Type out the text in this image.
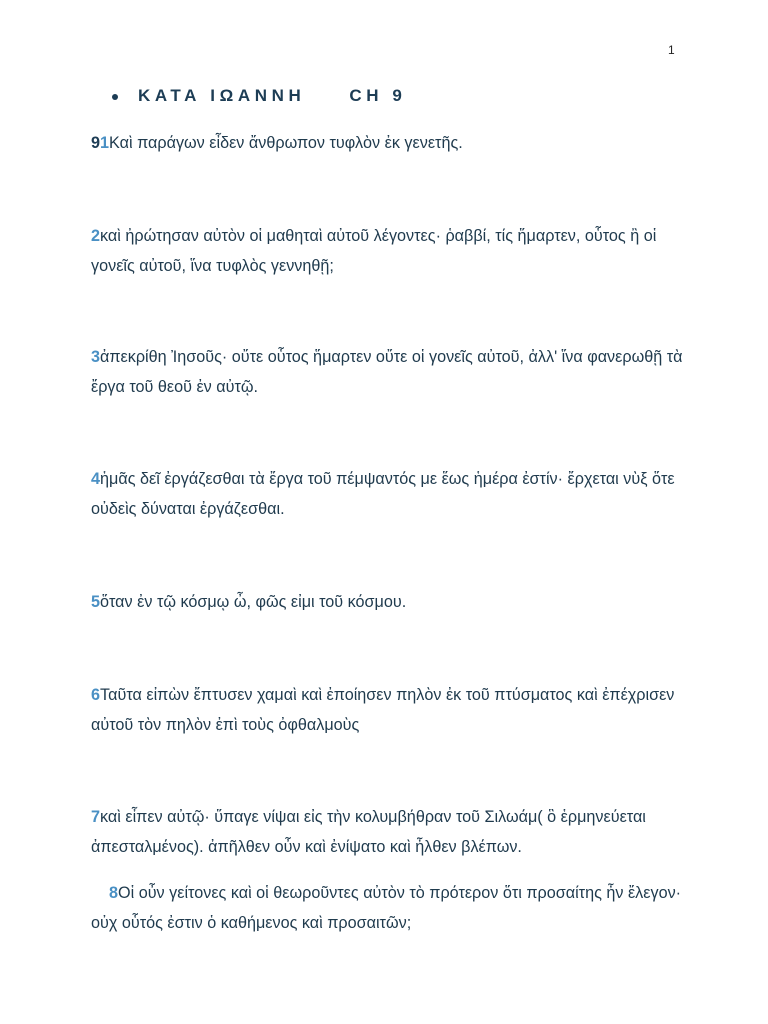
1
ΚΑΤΑ ΙΩΑΝΝΗ	CH 9
91Καὶ παράγων εἶδεν ἄνθρωπον τυφλὸν ἐκ γενετῆς.
2καὶ ἠρώτησαν αὐτὸν οἱ μαθηταὶ αὐτοῦ λέγοντες· ῥαββί, τίς ἥμαρτεν, οὗτος ἢ οἱ γονεῖς αὐτοῦ, ἵνα τυφλὸς γεννηθῇ;
3ἀπεκρίθη Ἰησοῦς· οὔτε οὗτος ἥμαρτεν οὔτε οἱ γονεῖς αὐτοῦ, ἀλλ' ἵνα φανερωθῇ τὰ ἔργα τοῦ θεοῦ ἐν αὐτῷ.
4ἡμᾶς δεῖ ἐργάζεσθαι τὰ ἔργα τοῦ πέμψαντός με ἕως ἡμέρα ἐστίν· ἔρχεται νὺξ ὅτε οὐδεὶς δύναται ἐργάζεσθαι.
5ὅταν ἐν τῷ κόσμῳ ὦ, φῶς εἰμι τοῦ κόσμου.
6Ταῦτα εἰπὼν ἔπτυσεν χαμαὶ καὶ ἐποίησεν πηλὸν ἐκ τοῦ πτύσματος καὶ ἐπέχρισεν αὐτοῦ τὸν πηλὸν ἐπὶ τοὺς ὀφθαλμοὺς
7καὶ εἶπεν αὐτῷ· ὕπαγε νίψαι εἰς τὴν κολυμβήθραν τοῦ Σιλωάμ( ὃ ἑρμηνεύεται ἀπεσταλμένος). ἀπῆλθεν οὖν καὶ ἐνίψατο καὶ ἦλθεν βλέπων.
8Οἱ οὖν γείτονες καὶ οἱ θεωροῦντες αὐτὸν τὸ πρότερον ὅτι προσαίτης ἦν ἔλεγον· οὐχ οὗτός ἐστιν ὁ καθήμενος καὶ προσαιτῶν;
